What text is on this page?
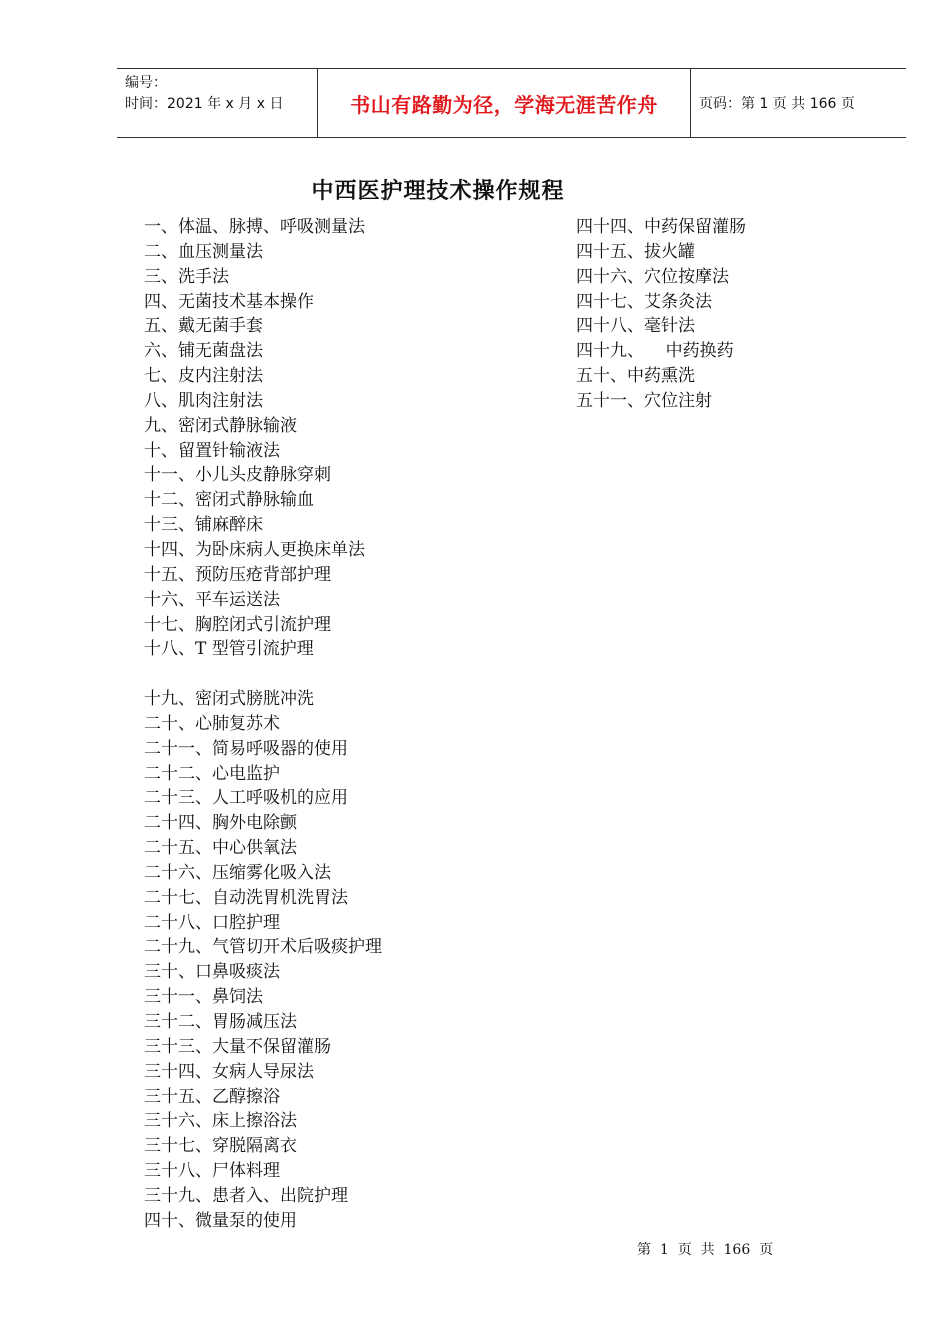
编号：
时间：2021 年 x 月 x 日	书山有路勤为径，学海无涯苦作舟	页码：第 1 页 共 166 页
中西医护理技术操作规程
一、体温、脉搏、呼吸测量法
二、血压测量法
三、洗手法
四、无菌技术基本操作
五、戴无菌手套
六、铺无菌盘法
七、皮内注射法
八、肌肉注射法
九、密闭式静脉输液
十、留置针输液法
十一、小儿头皮静脉穿刺
十二、密闭式静脉输血
十三、铺麻醉床
十四、为卧床病人更换床单法
十五、预防压疮背部护理
十六、平车运送法
十七、胸腔闭式引流护理
十八、T 型管引流护理
十九、密闭式膀胱冲洗
二十、心肺复苏术
二十一、简易呼吸器的使用
二十二、心电监护
二十三、人工呼吸机的应用
二十四、胸外电除颤
二十五、中心供氧法
二十六、压缩雾化吸入法
二十七、自动洗胃机洗胃法
二十八、口腔护理
二十九、气管切开术后吸痰护理
三十、口鼻吸痰法
三十一、鼻饲法
三十二、胃肠减压法
三十三、大量不保留灌肠
三十四、女病人导尿法
三十五、乙醇擦浴
三十六、床上擦浴法
三十七、穿脱隔离衣
三十八、尸体料理
三十九、患者入、出院护理
四十、微量泵的使用
四十四、中药保留灌肠
四十五、拔火罐
四十六、穴位按摩法
四十七、艾条灸法
四十八、毫针法
四十九、    中药换药
五十、中药熏洗
五十一、穴位注射
第  1  页  共  166  页
